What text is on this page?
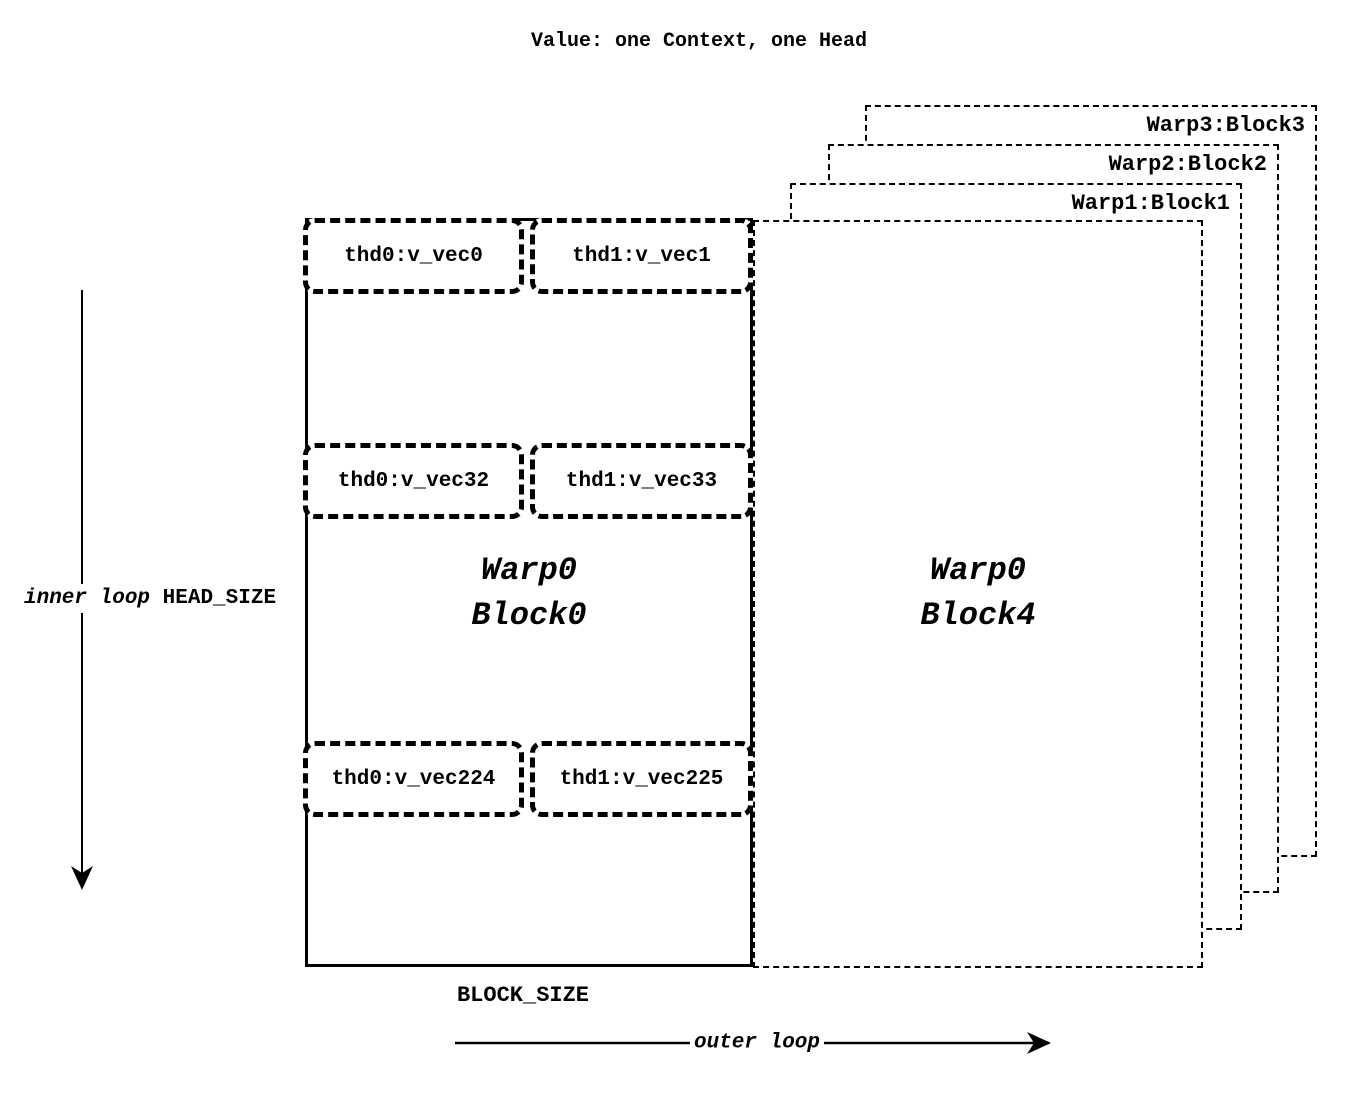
Value: one Context, one Head
Warp3:Block3
Warp2:Block2
Warp1:Block1
thd0:v_vec0	thd1:v_vec1
thd0:v_vec32	thd1:v_vec33
thd0:v_vec224	thd1:v_vec225
Warp0
Block0
Warp0
Block4
inner loop HEAD_SIZE
BLOCK_SIZE
outer loop
